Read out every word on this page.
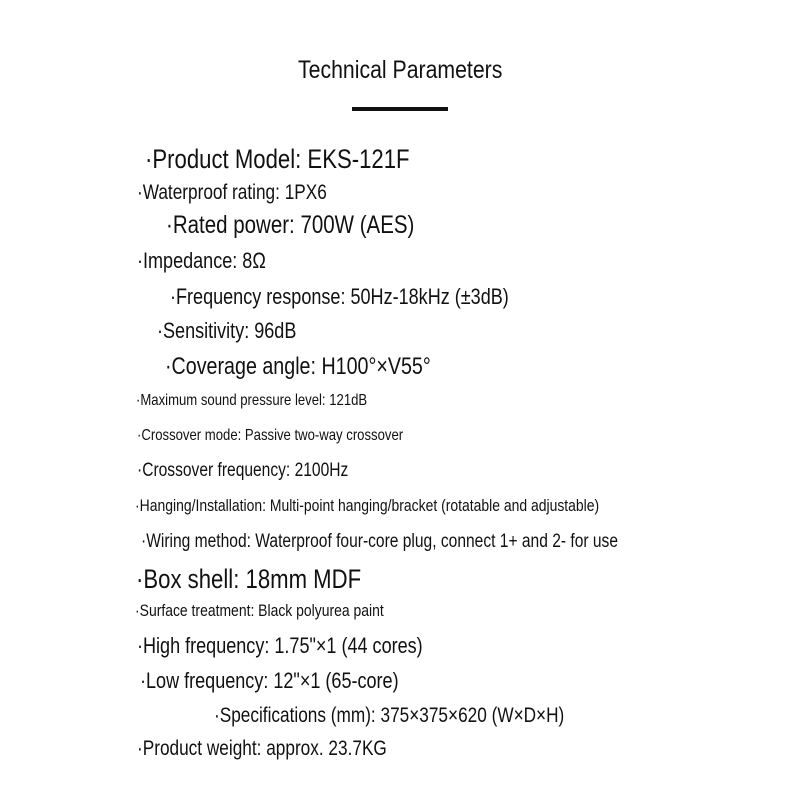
Technical Parameters
·Product Model: EKS-121F
·Waterproof rating: 1PX6
·Rated power: 700W (AES)
·Impedance: 8Ω
·Frequency response: 50Hz-18kHz (±3dB)
·Sensitivity: 96dB
·Coverage angle: H100°×V55°
·Maximum sound pressure level: 121dB
·Crossover mode: Passive two-way crossover
·Crossover frequency: 2100Hz
·Hanging/Installation: Multi-point hanging/bracket (rotatable and adjustable)
·Wiring method: Waterproof four-core plug, connect 1+ and 2- for use
·Box shell: 18mm MDF
·Surface treatment: Black polyurea paint
·High frequency: 1.75"×1 (44 cores)
·Low frequency: 12"×1 (65-core)
·Specifications (mm): 375×375×620 (W×D×H)
·Product weight: approx. 23.7KG
